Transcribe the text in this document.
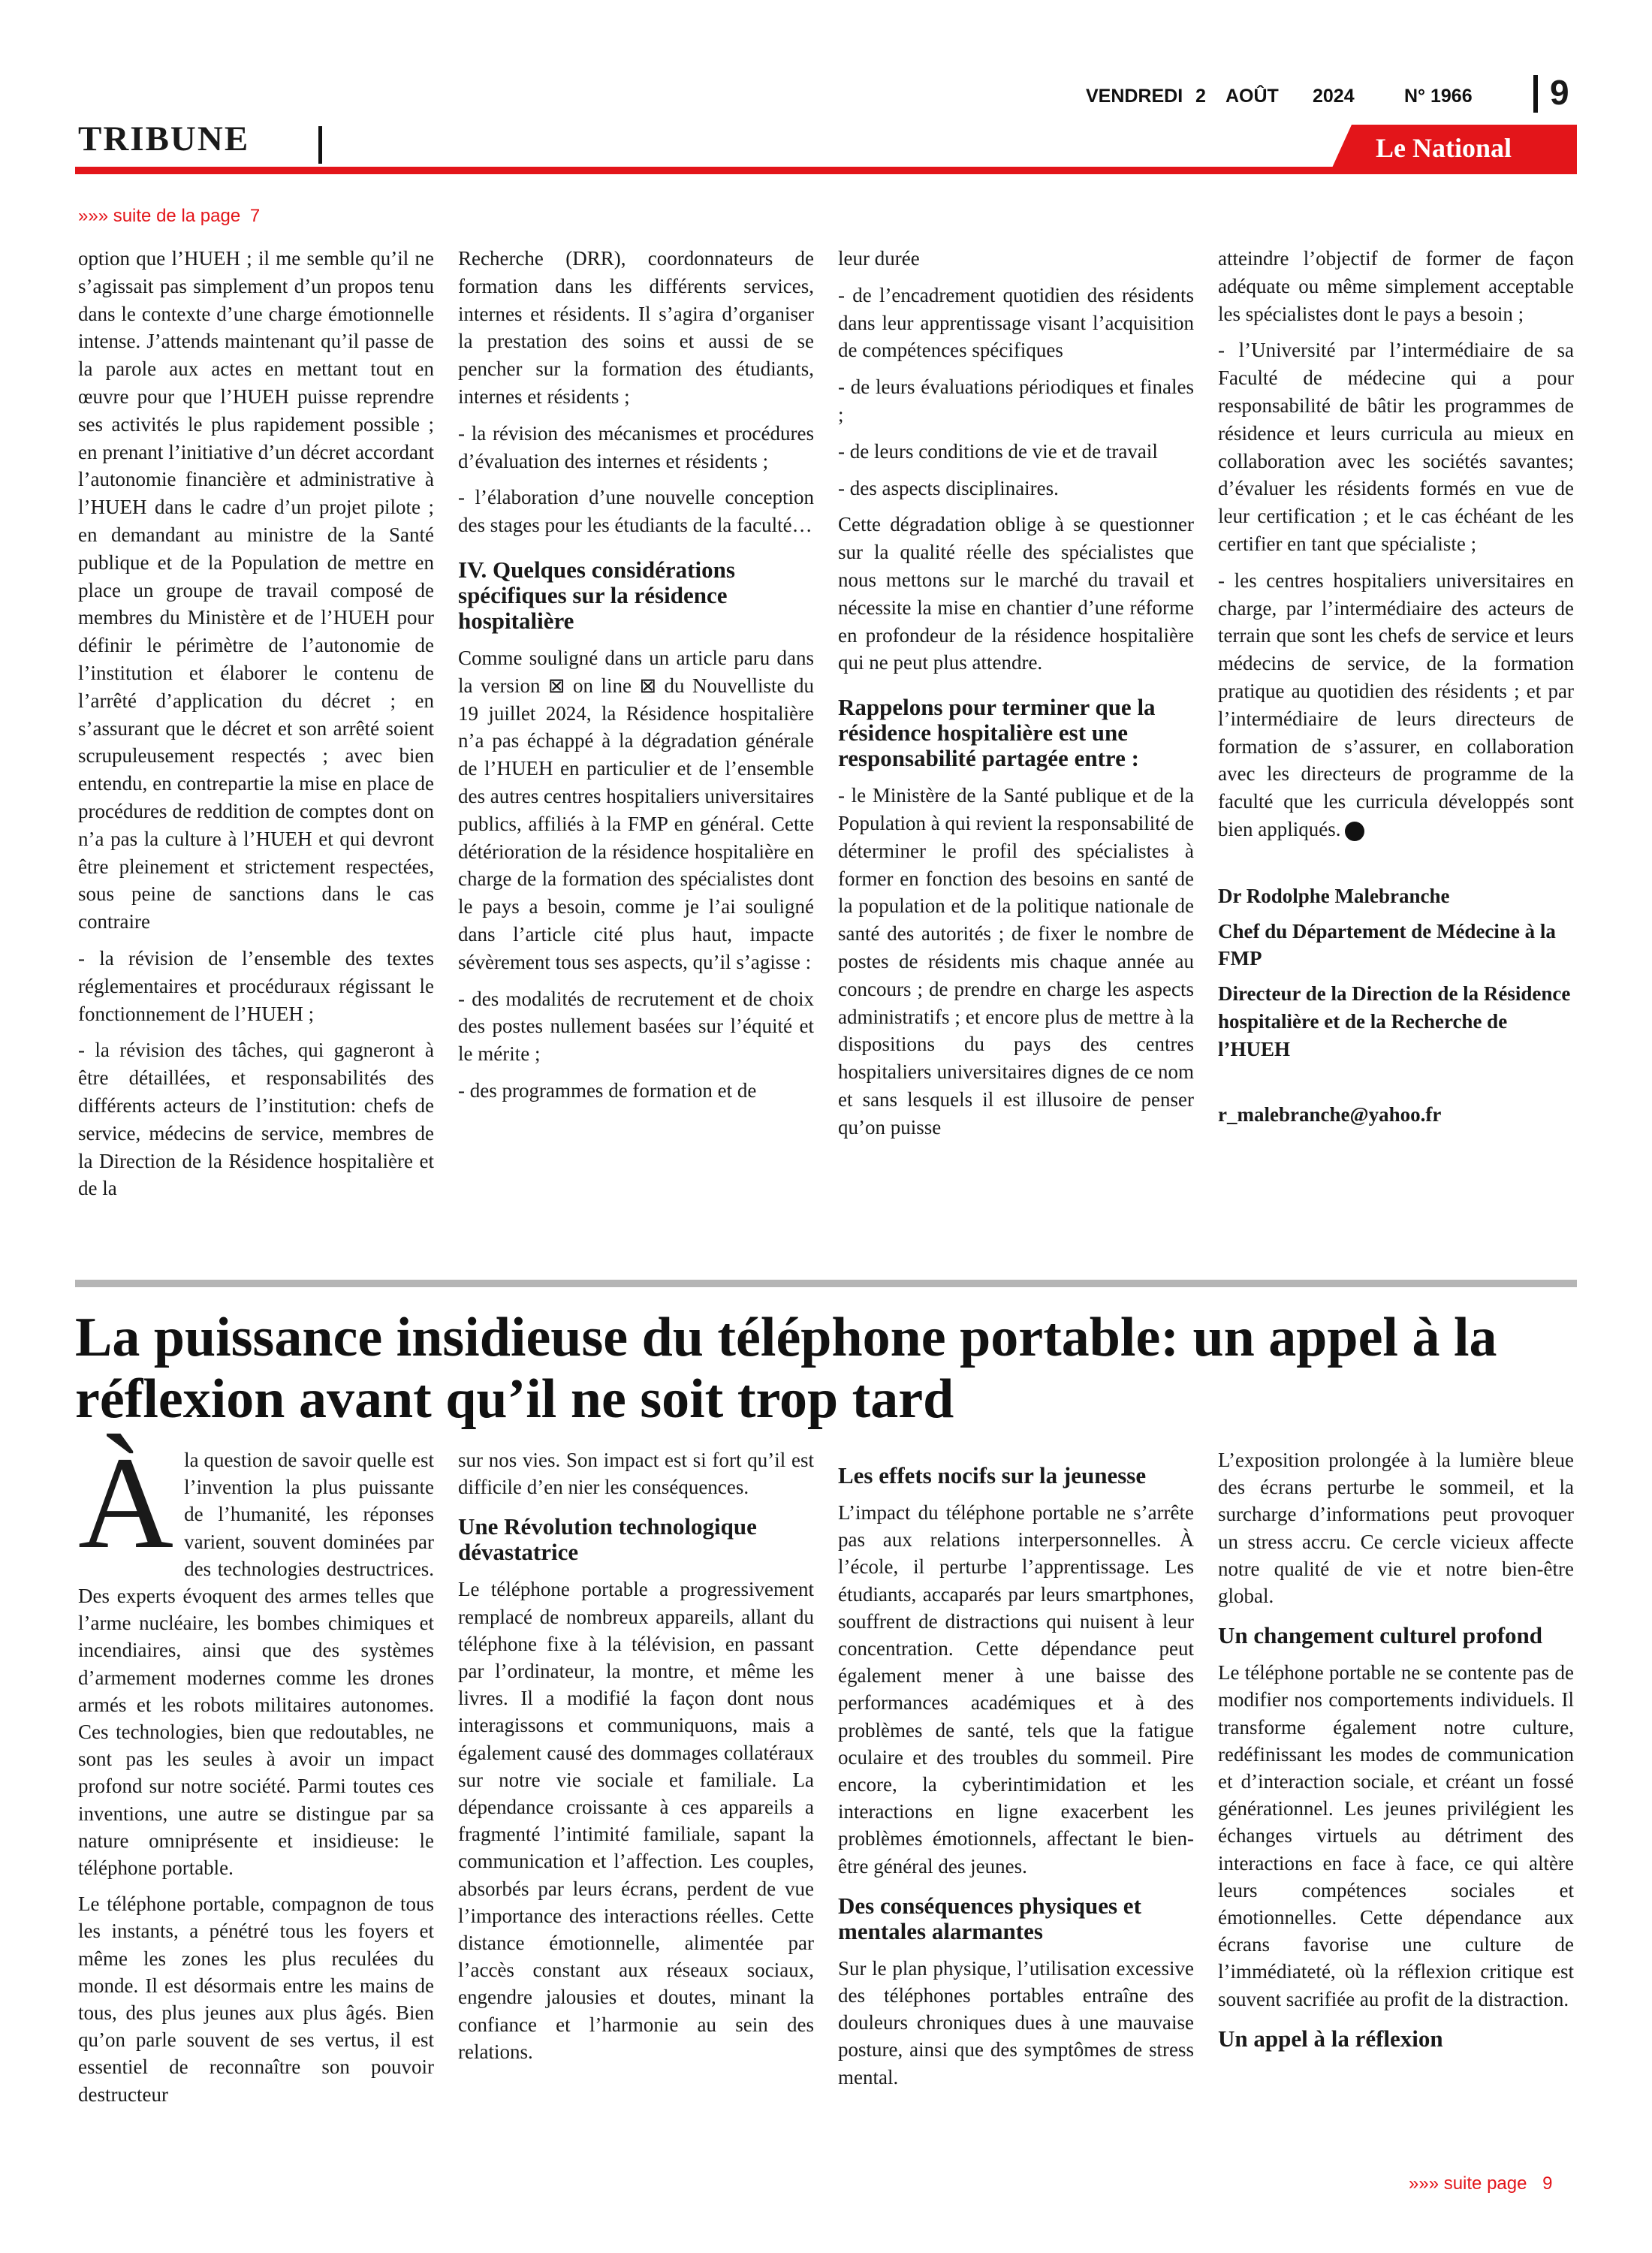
VENDREDI 2 AOÛT 2024	N° 1966 9
TRIBUNE	Le National
»»» suite de la page 7

option que l’HUEH ; il me semble qu’il ne s’agissait pas simplement d’un propos tenu dans le contexte d’une charge émotionnelle intense. J’attends maintenant qu’il passe de la parole aux actes en mettant tout en œuvre pour que l’HUEH puisse reprendre ses activités le plus rapidement possible ; en prenant l’initiative d’un décret accordant l’autonomie financière et administrative à l’HUEH dans le cadre d’un projet pilote ; en demandant au ministre de la Santé publique et de la Population de mettre en place un groupe de travail composé de membres du Ministère et de l’HUEH pour définir le périmètre de l’autonomie de l’institution et élaborer le contenu de l’arrêté d’application du décret ; en s’assurant que le décret et son arrêté soient scrupuleusement respectés ; avec bien entendu, en contrepartie la mise en place de procédures de reddition de comptes dont on n’a pas la culture à l’HUEH et qui devront être pleinement et strictement respectées, sous peine de sanctions dans le cas contraire

- la révision de l’ensemble des textes réglementaires et procéduraux régissant le fonctionnement de l’HUEH ;

- la révision des tâches, qui gagneront à être détaillées, et responsabilités des différents acteurs de l’institution: chefs de service, médecins de service, membres de la Direction de la Résidence hospitalière et de la

Recherche (DRR), coordonnateurs de formation dans les différents services, internes et résidents. Il s’agira d’organiser la prestation des soins et aussi de se pencher sur la formation des étudiants, internes et résidents ;

- la révision des mécanismes et procédures d’évaluation des internes et résidents ;

- l’élaboration d’une nouvelle conception des stages pour les étudiants de la faculté…

IV. Quelques considérations spécifiques sur la résidence hospitalière

Comme souligné dans un article paru dans la version ⊠ on line ⊠ du Nouvelliste du 19 juillet 2024, la Résidence hospitalière n’a pas échappé à la dégradation générale de l’HUEH en particulier et de l’ensemble des autres centres hospitaliers universitaires publics, affiliés à la FMP en général. Cette détérioration de la résidence hospitalière en charge de la formation des spécialistes dont le pays a besoin, comme je l’ai souligné dans l’article cité plus haut, impacte sévèrement tous ses aspects, qu’il s’agisse :

- des modalités de recrutement et de choix des postes nullement basées sur l’équité et le mérite ;

- des programmes de formation et de

leur durée

- de l’encadrement quotidien des résidents dans leur apprentissage visant l’acquisition de compétences spécifiques

- de leurs évaluations périodiques et finales ;

- de leurs conditions de vie et de travail

- des aspects disciplinaires.

Cette dégradation oblige à se questionner sur la qualité réelle des spécialistes que nous mettons sur le marché du travail et nécessite la mise en chantier d’une réforme en profondeur de la résidence hospitalière qui ne peut plus attendre.

Rappelons pour terminer que la résidence hospitalière est une responsabilité partagée entre :

- le Ministère de la Santé publique et de la Population à qui revient la responsabilité de déterminer le profil des spécialistes à former en fonction des besoins en santé de la population et de la politique nationale de santé des autorités ; de fixer le nombre de postes de résidents mis chaque année au concours ; de prendre en charge les aspects administratifs ; et encore plus de mettre à la dispositions du pays des centres hospitaliers universitaires dignes de ce nom et sans lesquels il est illusoire de penser qu’on puisse

atteindre l’objectif de former de façon adéquate ou même simplement acceptable les spécialistes dont le pays a besoin ;

- l’Université par l’intermédiaire de sa Faculté de médecine qui a pour responsabilité de bâtir les programmes de résidence et leurs curricula au mieux en collaboration avec les sociétés savantes; d’évaluer les résidents formés en vue de leur certification ; et le cas échéant de les certifier en tant que spécialiste ;

- les centres hospitaliers universitaires en charge, par l’intermédiaire des acteurs de terrain que sont les chefs de service et leurs médecins de service, de la formation pratique au quotidien des résidents ; et par l’intermédiaire de leurs directeurs de formation de s’assurer, en collaboration avec les directeurs de programme de la faculté que les curricula développés sont bien appliqués.

Dr Rodolphe Malebranche

Chef du Département de Médecine à la FMP

Directeur de la Direction de la Résidence hospitalière et de la Recherche de l’HUEH

r_malebranche@yahoo.fr

La puissance insidieuse du téléphone portable: un appel à la
réflexion avant qu’il ne soit trop tard

Àla question de savoir quelle est l’invention la plus puissante de l’humanité, les réponses varient, souvent dominées par des technologies destructrices. Des experts évoquent des armes telles que l’arme nucléaire, les bombes chimiques et incendiaires, ainsi que des systèmes d’armement modernes comme les drones armés et les robots militaires autonomes. Ces technologies, bien que redoutables, ne sont pas les seules à avoir un impact profond sur notre société. Parmi toutes ces inventions, une autre se distingue par sa nature omniprésente et insidieuse: le téléphone portable.

Le téléphone portable, compagnon de tous les instants, a pénétré tous les foyers et même les zones les plus reculées du monde. Il est désormais entre les mains de tous, des plus jeunes aux plus âgés. Bien qu’on parle souvent de ses vertus, il est essentiel de reconnaître son pouvoir destructeur

sur nos vies. Son impact est si fort qu’il est difficile d’en nier les conséquences.

Une Révolution technologique dévastatrice

Le téléphone portable a progressivement remplacé de nombreux appareils, allant du téléphone fixe à la télévision, en passant par l’ordinateur, la montre, et même les livres. Il a modifié la façon dont nous interagissons et communiquons, mais a également causé des dommages collatéraux sur notre vie sociale et familiale. La dépendance croissante à ces appareils a fragmenté l’intimité familiale, sapant la communication et l’affection. Les couples, absorbés par leurs écrans, perdent de vue l’importance des interactions réelles. Cette distance émotionnelle, alimentée par l’accès constant aux réseaux sociaux, engendre jalousies et doutes, minant la confiance et l’harmonie au sein des relations.

Les effets nocifs sur la jeunesse

L’impact du téléphone portable ne s’arrête pas aux relations interpersonnelles. À l’école, il perturbe l’apprentissage. Les étudiants, accaparés par leurs smartphones, souffrent de distractions qui nuisent à leur concentration. Cette dépendance peut également mener à une baisse des performances académiques et à des problèmes de santé, tels que la fatigue oculaire et des troubles du sommeil. Pire encore, la cyberintimidation et les interactions en ligne exacerbent les problèmes émotionnels, affectant le bien-être général des jeunes.

Des conséquences physiques et mentales alarmantes

Sur le plan physique, l’utilisation excessive des téléphones portables entraîne des douleurs chroniques dues à une mauvaise posture, ainsi que des symptômes de stress mental.

L’exposition prolongée à la lumière bleue des écrans perturbe le sommeil, et la surcharge d’informations peut provoquer un stress accru. Ce cercle vicieux affecte notre qualité de vie et notre bien-être global.

Un changement culturel profond

Le téléphone portable ne se contente pas de modifier nos comportements individuels. Il transforme également notre culture, redéfinissant les modes de communication et d’interaction sociale, et créant un fossé générationnel. Les jeunes privilégient les échanges virtuels au détriment des interactions en face à face, ce qui altère leurs compétences sociales et émotionnelles. Cette dépendance aux écrans favorise une culture de l’immédiateté, où la réflexion critique est souvent sacrifiée au profit de la distraction.

Un appel à la réflexion
»»» suite page 9
